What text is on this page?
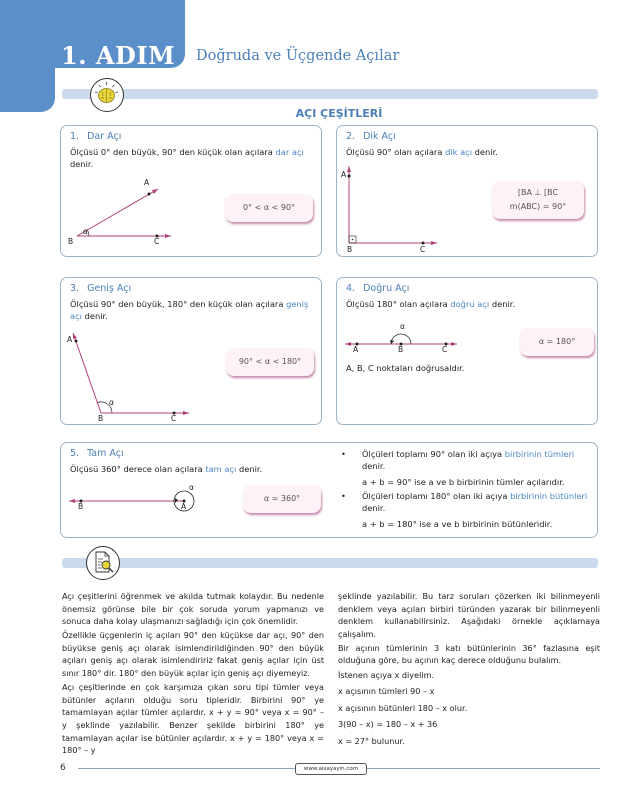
1. ADIM Doğruda ve Üçgende Açılar
AÇI ÇEŞİTLERİ
1. Dar Açı
Ölçüsü 0° den büyük, 90° den küçük olan açılara dar açı denir.
A
B	C
α
0° < α < 90°
2. Dik Açı
Ölçüsü 90° olan açılara dik açı denir.
A
B	C
[BA ⊥ [BC
m(ABC) = 90°
3. Geniş Açı
Ölçüsü 90° den büyük, 180° den küçük olan açılara geniş açı denir.
A
B	C
α
90° < α < 180°
4. Doğru Açı
Ölçüsü 180° olan açılara doğru açı denir.
α
A	B	C
α = 180°
A, B, C noktaları doğrusaldır.
5. Tam Açı
Ölçüsü 360° derece olan açılara tam açı denir.
B	A
α
α = 360°
• Ölçüleri toplamı 90° olan iki açıya birbirinin tümleri denir.
a + b = 90° ise a ve b birbirinin tümler açılarıdır.
• Ölçüleri toplamı 180° olan iki açıya birbirinin bütünleri denir.
a + b = 180° ise a ve b birbirinin bütünleridir.

Açı çeşitlerini öğrenmek ve akılda tutmak kolaydır. Bu nedenle önemsiz görünse bile bir çok soruda yorum yapmanızı ve sonuca daha kolay ulaşmanızı sağladığı için çok önemlidir.

Özellikle üçgenlerin iç açıları 90° den küçükse dar açı, 90° den büyükse geniş açı olarak isimlendirildiğinden 90° den büyük açıları geniş açı olarak isimlendiririz fakat geniş açılar için üst sınır 180° dir. 180° den büyük açılar için geniş açı diyemeyiz.

Açı çeşitlerinde en çok karşımıza çıkan soru tipi tümler veya bütünler açıların olduğu soru tipleridir. Birbirini 90° ye tamamlayan açılar tümler açılardır. x + y = 90° veya x = 90° – y şeklinde yazılabilir. Benzer şekilde birbirini 180° ye tamamlayan açılar ise bütünler açılardır. x + y = 180° veya x = 180° – y

şeklinde yazılabilir. Bu tarz soruları çözerken iki bilinmeyenli denklem veya açıları birbiri türünden yazarak bir bilinmeyenli denklem kullanabilirsiniz. Aşağıdaki örnekle açıklamaya çalışalım.

Bir açının tümlerinin 3 katı bütünlerinin 36° fazlasına eşit olduğuna göre, bu açının kaç derece olduğunu bulalım.

İstenen açıya x diyelim.

x açısının tümleri 90 – x

x açısının bütünleri 180 – x olur.

3(90 – x) = 180 – x + 36

x = 27° bulunur.

6	www.aisayayin.com
